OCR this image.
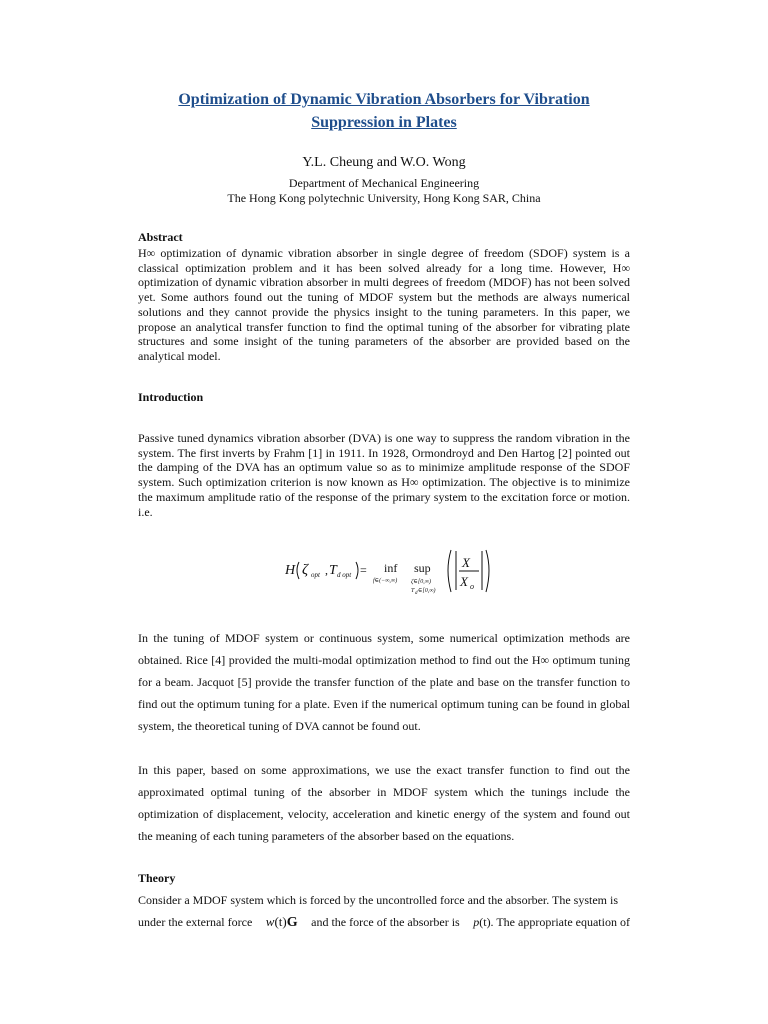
Optimization of Dynamic Vibration Absorbers for Vibration
Suppression in Plates
Y.L. Cheung and W.O. Wong
Department of Mechanical Engineering
The Hong Kong polytechnic University, Hong Kong SAR, China
Abstract
H∞ optimization of dynamic vibration absorber in single degree of freedom (SDOF) system is a classical optimization problem and it has been solved already for a long time. However, H∞ optimization of dynamic vibration absorber in multi degrees of freedom (MDOF) has not been solved yet. Some authors found out the tuning of MDOF system but the methods are always numerical solutions and they cannot provide the physics insight to the tuning parameters. In this paper, we propose an analytical transfer function to find the optimal tuning of the absorber for vibrating plate structures and some insight of the tuning parameters of the absorber are provided based on the analytical model.
Introduction
Passive tuned dynamics vibration absorber (DVA) is one way to suppress the random vibration in the system. The first inverts by Frahm [1] in 1911. In 1928, Ormondroyd and Den Hartog [2] pointed out the damping of the DVA has an optimum value so as to minimize amplitude response of the SDOF system. Such optimization criterion is now known as H∞ optimization. The objective is to minimize the maximum amplitude ratio of the response of the primary system to the excitation force or motion. i.e.
H ζ opt , T d opt = inf
f∈(−∞,∞)
sup
ζ∈[0,∞)
T d ∈[0,∞)
X
X o
In the tuning of MDOF system or continuous system, some numerical optimization methods are obtained. Rice [4] provided the multi-modal optimization method to find out the H∞ optimum tuning for a beam. Jacquot [5] provide the transfer function of the plate and base on the transfer function to find out the optimum tuning for a plate. Even if the numerical optimum tuning can be found in global system, the theoretical tuning of DVA cannot be found out.
In this paper, based on some approximations, we use the exact transfer function to find out the approximated optimal tuning of the absorber in MDOF system which the tunings include the optimization of displacement, velocity, acceleration and kinetic energy of the system and found out the meaning of each tuning parameters of the absorber based on the equations.
Theory
Consider a MDOF system which is forced by the uncontrolled force and the absorber. The system is
under the external force w(t)G and the force of the absorber is p(t). The appropriate equation of
